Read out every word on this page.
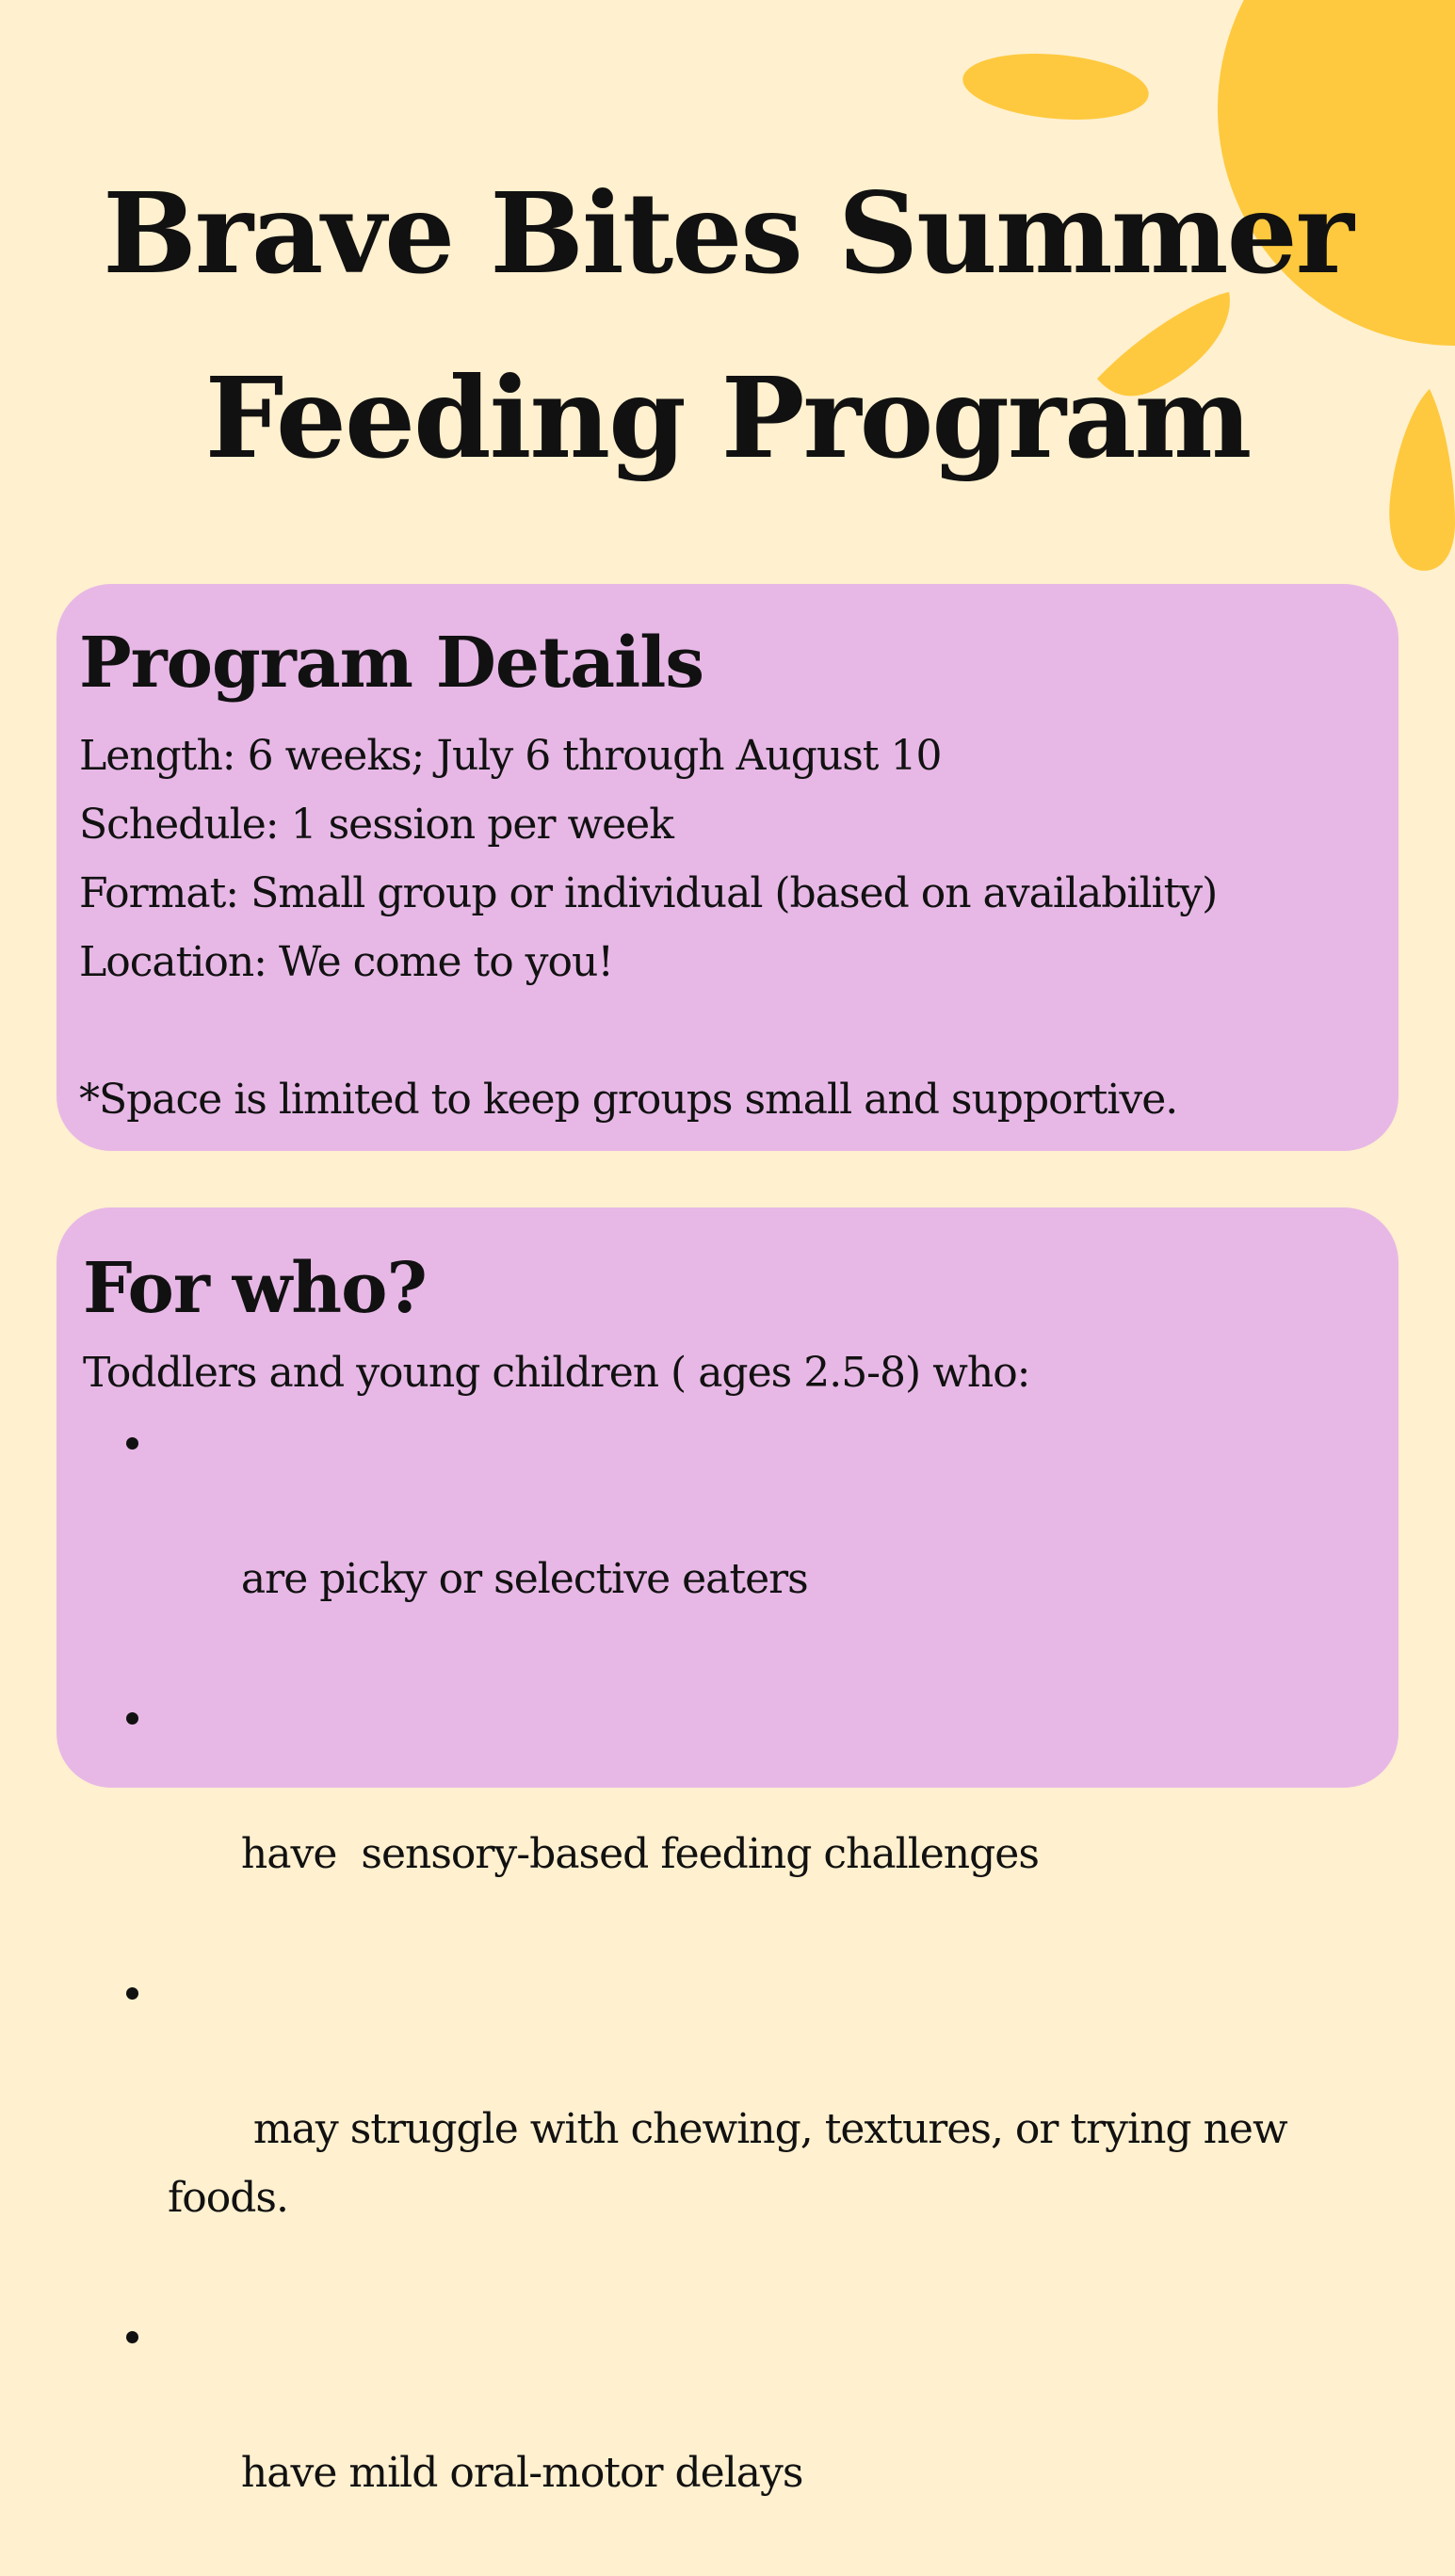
Brave Bites Summer
Feeding Program
Program Details
Length: 6 weeks; July 6 through August 10
Schedule: 1 session per week
Format: Small group or individual (based on availability)
Location: We come to you!
*Space is limited to keep groups small and supportive.
For who?
Toddlers and young children ( ages 2.5-8) who:

are picky or selective eaters

have  sensory-based feeding challenges

may struggle with chewing, textures, or trying new foods.

have mild oral-motor delays
